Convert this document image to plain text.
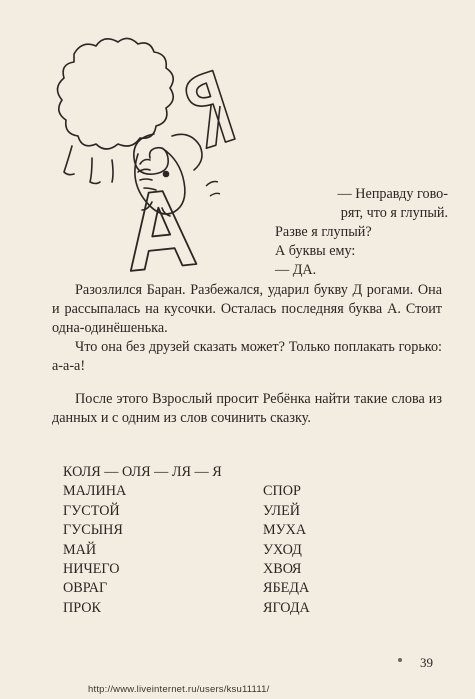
— Неправду гово-
рят, что я глупый.
Разве я глупый?
А буквы ему:
— ДА.

Разозлился Баран. Разбежался, ударил букву Д рогами. Она и рассыпалась на кусочки. Осталась последняя буква А. Стоит одна-одинёшенька.

Что она без друзей сказать может? Только поплакать горько: а-а-а!

После этого Взрослый просит Ребёнка найти такие слова из данных и с одним из слов сочинить сказку.

КОЛЯ — ОЛЯ — ЛЯ — Я
МАЛИНА
ГУСТОЙ
ГУСЫНЯ
МАЙ
НИЧЕГО
ОВРАГ
ПРОК
СПОР
УЛЕЙ
МУХА
УХОД
ХВОЯ
ЯБЕДА
ЯГОДА
39
http://www.liveinternet.ru/users/ksu11111/
